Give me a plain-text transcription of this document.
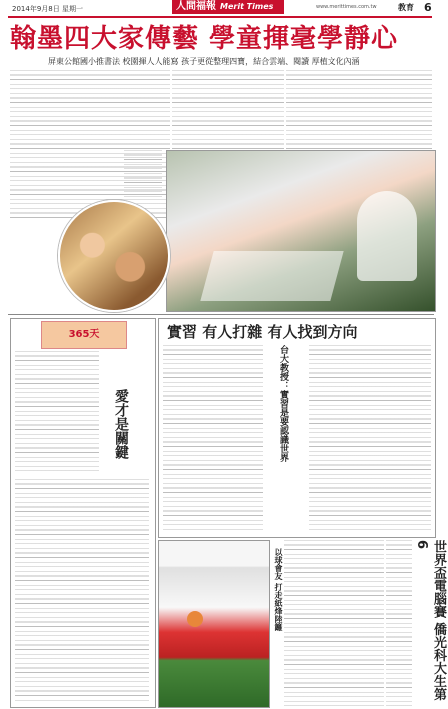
2014年9月8日 星期一	人間福報 Merit Times	www.merittimes.com.tw	教育 6
翰墨四大家傳藝 學童揮毫學靜心
屏東公館國小推書法 校園揮人人能寫 孩子更從整理四寶，結合雲端、閱讀 厚植文化內涵
365天
愛才是關鍵
實習 有人打雜 有人找到方向
台大教授：實習是要認識世界
以球會友 打走紙烽陸籬	世界盃電腦賽 僑光科大生第6
